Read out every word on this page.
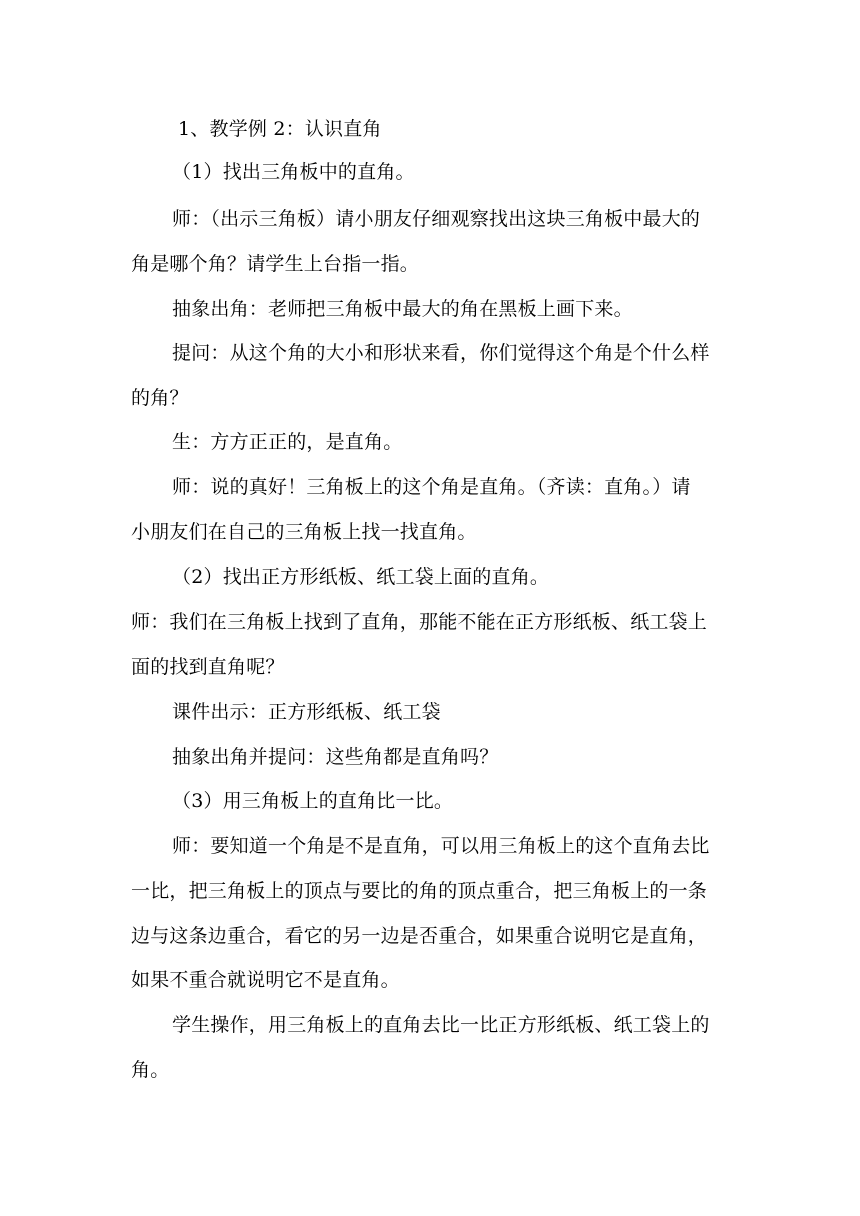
1、教学例 2：认识直角
（1）找出三角板中的直角。
师：（出示三角板）请小朋友仔细观察找出这块三角板中最大的
角是哪个角？请学生上台指一指。
抽象出角：老师把三角板中最大的角在黑板上画下来。
提问：从这个角的大小和形状来看，你们觉得这个角是个什么样
的角？
生：方方正正的，是直角。
师：说的真好！三角板上的这个角是直角。（齐读：直角。）请
小朋友们在自己的三角板上找一找直角。
（2）找出正方形纸板、纸工袋上面的直角。
师：我们在三角板上找到了直角，那能不能在正方形纸板、纸工袋上
面的找到直角呢？
课件出示：正方形纸板、纸工袋
抽象出角并提问：这些角都是直角吗？
（3）用三角板上的直角比一比。
师：要知道一个角是不是直角，可以用三角板上的这个直角去比
一比，把三角板上的顶点与要比的角的顶点重合，把三角板上的一条
边与这条边重合，看它的另一边是否重合，如果重合说明它是直角，
如果不重合就说明它不是直角。
学生操作，用三角板上的直角去比一比正方形纸板、纸工袋上的
角。
